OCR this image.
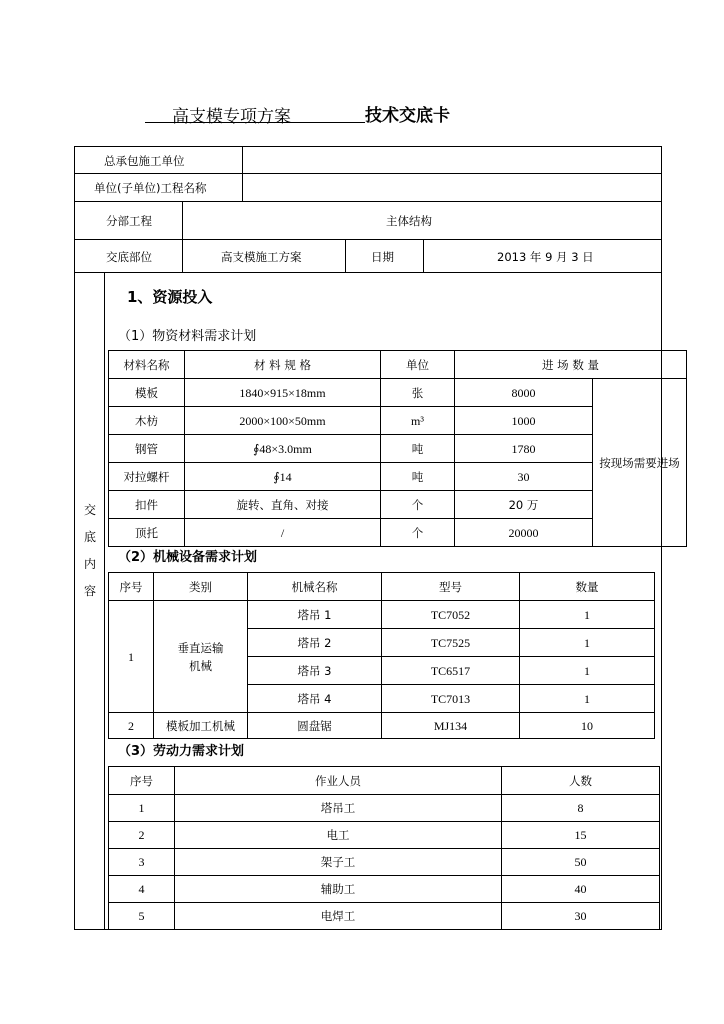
高支模专项方案	技术交底卡
总承包施工单位
单位(子单位)工程名称
分部工程	主体结构
交底部位	高支模施工方案	日期	2013 年 9 月 3 日
交
底
内
容
1、资源投入
（1）物资材料需求计划
（2）机械设备需求计划
（3）劳动力需求计划
材料名称	材 料 规 格	单位	进 场 数 量	
模板	1840×915×18mm	张	8000	按现场需要进场
木枋	2000×100×50mm	m³	1000	
钢管	∮48×3.0mm	吨	1780	
对拉螺杆	∮14	吨	30	
扣件	旋转、直角、对接	个	20 万	
顶托	/	个	20000	
序号	类别	机械名称	型号	数量
1	垂直运输机械	塔吊 1	TC7052	1
		塔吊 2	TC7525	1
		塔吊 3	TC6517	1
		塔吊 4	TC7013	1
2	模板加工机械	圆盘锯	MJ134	10
序号	作业人员	人数
1	塔吊工	8
2	电工	15
3	架子工	50
4	辅助工	40
5	电焊工	30
